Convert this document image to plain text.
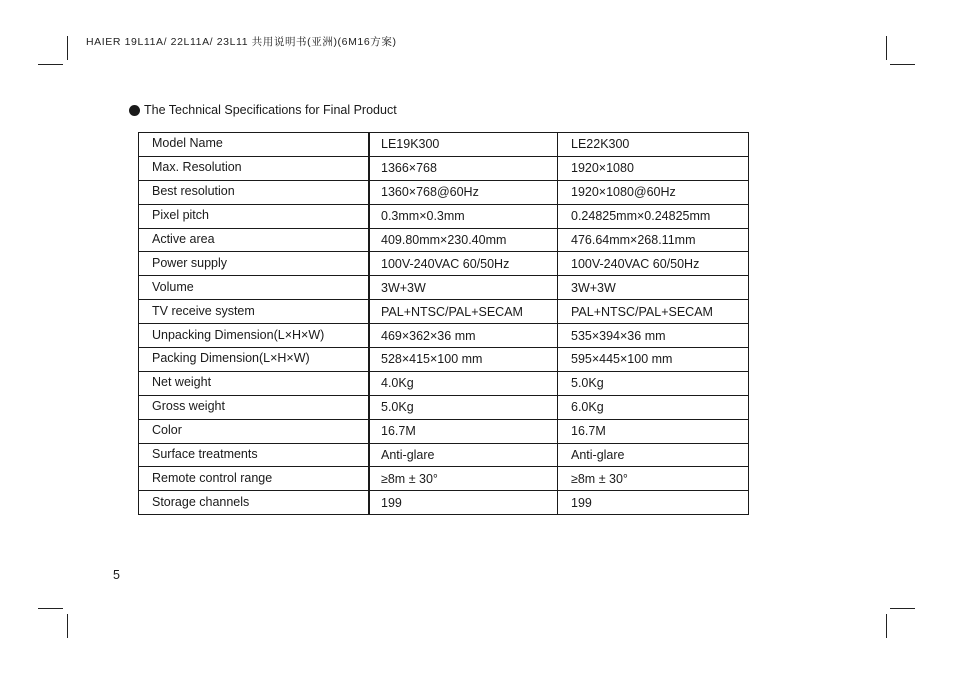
HAIER 19L11A/ 22L11A/ 23L11 共用说明书(亚洲)(6M16方案)
The Technical Specifications for Final Product
Model Name	LE19K300	LE22K300
Max. Resolution	1366×768	1920×1080
Best resolution	1360×768@60Hz	1920×1080@60Hz
Pixel pitch	0.3mm×0.3mm	0.24825mm×0.24825mm
Active area	409.80mm×230.40mm	476.64mm×268.11mm
Power supply	100V-240VAC 60/50Hz	100V-240VAC 60/50Hz
Volume	3W+3W	3W+3W
TV receive system	PAL+NTSC/PAL+SECAM	PAL+NTSC/PAL+SECAM
Unpacking Dimension(L×H×W)	469×362×36 mm	535×394×36 mm
Packing Dimension(L×H×W)	528×415×100 mm	595×445×100 mm
Net weight	4.0Kg	5.0Kg
Gross weight	5.0Kg	6.0Kg
Color	16.7M	16.7M
Surface treatments	Anti-glare	Anti-glare
Remote control range	≥8m ± 30°	≥8m ± 30°
Storage channels	199	199
5
